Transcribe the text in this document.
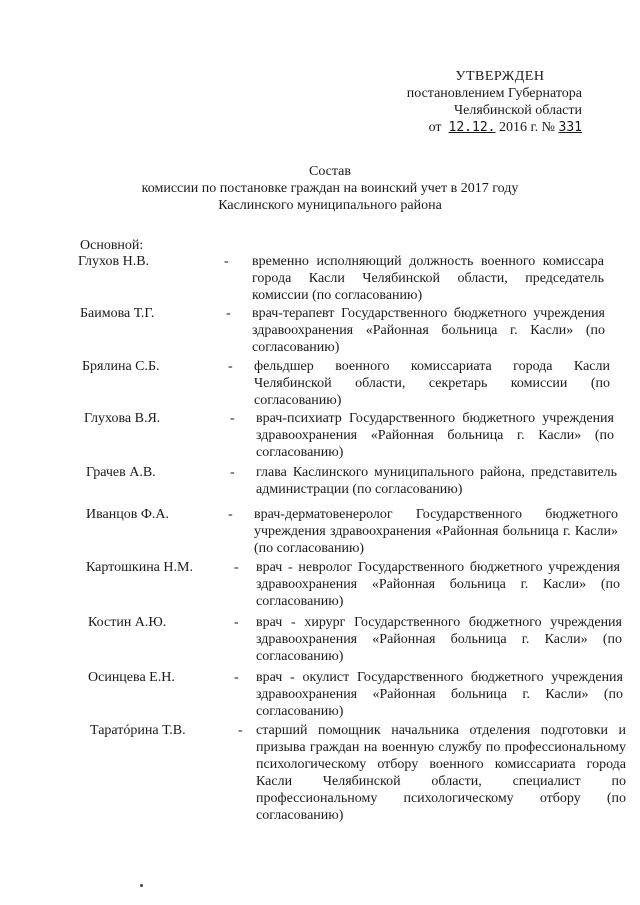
УТВЕРЖДЕН
постановлением Губернатора
Челябинской области
от 12.12. 2016 г. № 331
Состав
комиссии по постановке граждан на воинский учет в 2017 году
Каслинского муниципального района
Основной:
Глухов Н.В.	- временно исполняющий должность военного комиссара города Касли Челябинской области, председатель комиссии (по согласованию)
Баимова Т.Г.	- врач-терапевт Государственного бюджетного учреждения здравоохранения «Районная больница г. Касли» (по согласованию)
Брялина С.Б.	- фельдшер военного комиссариата города Касли Челябинской области, секретарь комиссии (по согласованию)
Глухова В.Я.	- врач-психиатр Государственного бюджетного учреждения здравоохранения «Районная больница г. Касли» (по согласованию)
Грачев А.В.	- глава Каслинского муниципального района, представитель администрации (по согласованию)
Иванцов Ф.А.	- врач-дерматовенеролог Государственного бюджетного учреждения здравоохранения «Районная больница г. Касли» (по согласованию)
Картошкина Н.М.	- врач - невролог Государственного бюджетного учреждения здравоохранения «Районная больница г. Касли» (по согласованию)
Костин А.Ю.	- врач - хирург Государственного бюджетного учреждения здравоохранения «Районная больница г. Касли» (по согласованию)
Осинцева Е.Н.	- врач - окулист Государственного бюджетного учреждения здравоохранения «Районная больница г. Касли» (по согласованию)
Таратóрина Т.В.	- старший помощник начальника отделения подготовки и призыва граждан на военную службу по профессиональному психологическому отбору военного комиссариата города Касли Челябинской области, специалист по профессиональному психологическому отбору (по согласованию)
